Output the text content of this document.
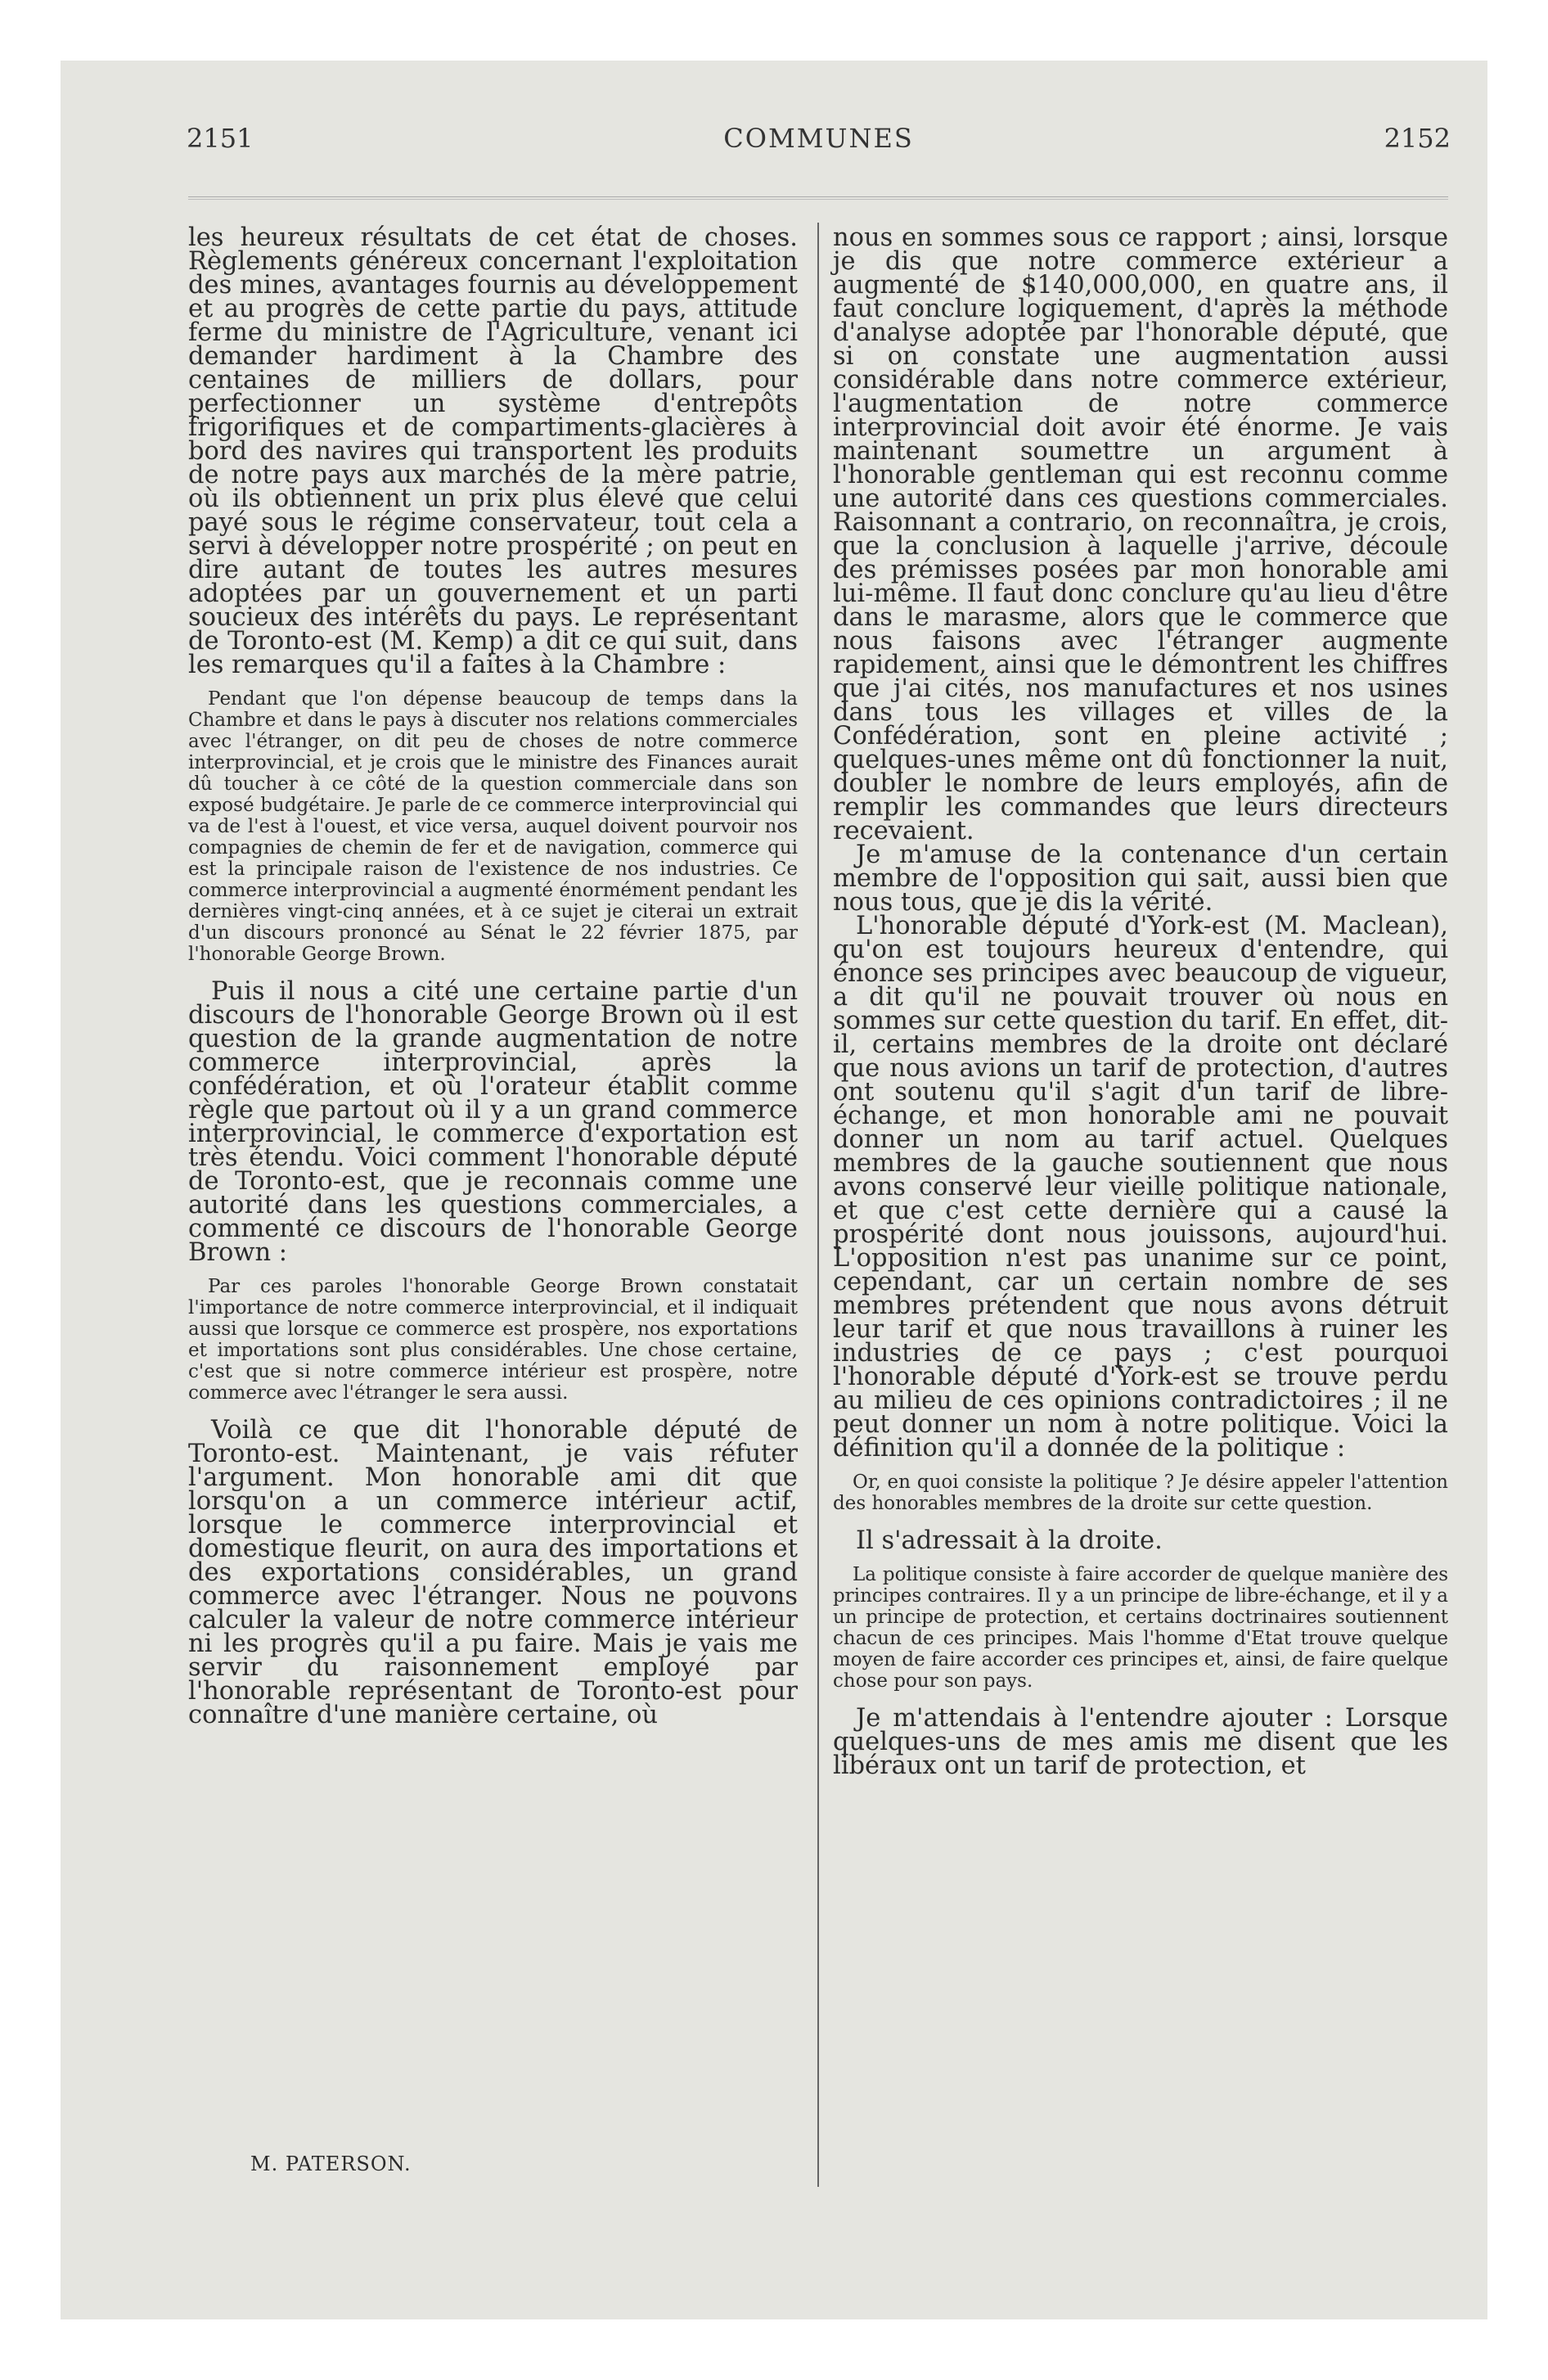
2151	COMMUNES	2152

les heureux résultats de cet état de choses. Règlements généreux concernant l'exploitation des mines, avantages fournis au développement et au progrès de cette partie du pays, attitude ferme du ministre de l'Agriculture, venant ici demander hardiment à la Chambre des centaines de milliers de dollars, pour perfectionner un système d'entrepôts frigorifiques et de compartiments-glacières à bord des navires qui transportent les produits de notre pays aux marchés de la mère patrie, où ils obtiennent un prix plus élevé que celui payé sous le régime conservateur, tout cela a servi à développer notre prospérité ; on peut en dire autant de toutes les autres mesures adoptées par un gouvernement et un parti soucieux des intérêts du pays. Le représentant de Toronto-est (M. Kemp) a dit ce qui suit, dans les remarques qu'il a faites à la Chambre :

Pendant que l'on dépense beaucoup de temps dans la Chambre et dans le pays à discuter nos relations commerciales avec l'étranger, on dit peu de choses de notre commerce interprovincial, et je crois que le ministre des Finances aurait dû toucher à ce côté de la question commerciale dans son exposé budgétaire. Je parle de ce commerce interprovincial qui va de l'est à l'ouest, et vice versa, auquel doivent pourvoir nos compagnies de chemin de fer et de navigation, commerce qui est la principale raison de l'existence de nos industries. Ce commerce interprovincial a augmenté énormément pendant les dernières vingt-cinq années, et à ce sujet je citerai un extrait d'un discours prononcé au Sénat le 22 février 1875, par l'honorable George Brown.

Puis il nous a cité une certaine partie d'un discours de l'honorable George Brown où il est question de la grande augmentation de notre commerce interprovincial, après la confédération, et où l'orateur établit comme règle que partout où il y a un grand commerce interprovincial, le commerce d'exportation est très étendu. Voici comment l'honorable député de Toronto-est, que je reconnais comme une autorité dans les questions commerciales, a commenté ce discours de l'honorable George Brown :

Par ces paroles l'honorable George Brown constatait l'importance de notre commerce interprovincial, et il indiquait aussi que lorsque ce commerce est prospère, nos exportations et importations sont plus considérables. Une chose certaine, c'est que si notre commerce intérieur est prospère, notre commerce avec l'étranger le sera aussi.

Voilà ce que dit l'honorable député de Toronto-est. Maintenant, je vais réfuter l'argument. Mon honorable ami dit que lorsqu'on a un commerce intérieur actif, lorsque le commerce interprovincial et domestique fleurit, on aura des importations et des exportations considérables, un grand commerce avec l'étranger. Nous ne pouvons calculer la valeur de notre commerce intérieur ni les progrès qu'il a pu faire. Mais je vais me servir du raisonnement employé par l'honorable représentant de Toronto-est pour connaître d'une manière certaine, où

nous en sommes sous ce rapport ; ainsi, lorsque je dis que notre commerce extérieur a augmenté de $140,000,000, en quatre ans, il faut conclure logiquement, d'après la méthode d'analyse adoptée par l'honorable député, que si on constate une augmentation aussi considérable dans notre commerce extérieur, l'augmentation de notre commerce interprovincial doit avoir été énorme. Je vais maintenant soumettre un argument à l'honorable gentleman qui est reconnu comme une autorité dans ces questions commerciales. Raisonnant a contrario, on reconnaîtra, je crois, que la conclusion à laquelle j'arrive, découle des prémisses posées par mon honorable ami lui-même. Il faut donc conclure qu'au lieu d'être dans le marasme, alors que le commerce que nous faisons avec l'étranger augmente rapidement, ainsi que le démontrent les chiffres que j'ai cités, nos manufactures et nos usines dans tous les villages et villes de la Confédération, sont en pleine activité ; quelques-unes même ont dû fonctionner la nuit, doubler le nombre de leurs employés, afin de remplir les commandes que leurs directeurs recevaient.

Je m'amuse de la contenance d'un certain membre de l'opposition qui sait, aussi bien que nous tous, que je dis la vérité.

L'honorable député d'York-est (M. Maclean), qu'on est toujours heureux d'entendre, qui énonce ses principes avec beaucoup de vigueur, a dit qu'il ne pouvait trouver où nous en sommes sur cette question du tarif. En effet, dit-il, certains membres de la droite ont déclaré que nous avions un tarif de protection, d'autres ont soutenu qu'il s'agit d'un tarif de libre-échange, et mon honorable ami ne pouvait donner un nom au tarif actuel. Quelques membres de la gauche soutiennent que nous avons conservé leur vieille politique nationale, et que c'est cette dernière qui a causé la prospérité dont nous jouissons, aujourd'hui. L'opposition n'est pas unanime sur ce point, cependant, car un certain nombre de ses membres prétendent que nous avons détruit leur tarif et que nous travaillons à ruiner les industries de ce pays ; c'est pourquoi l'honorable député d'York-est se trouve perdu au milieu de ces opinions contradictoires ; il ne peut donner un nom à notre politique. Voici la définition qu'il a donnée de la politique :

Or, en quoi consiste la politique ? Je désire appeler l'attention des honorables membres de la droite sur cette question.

Il s'adressait à la droite.

La politique consiste à faire accorder de quelque manière des principes contraires. Il y a un principe de libre-échange, et il y a un principe de protection, et certains doctrinaires soutiennent chacun de ces principes. Mais l'homme d'Etat trouve quelque moyen de faire accorder ces principes et, ainsi, de faire quelque chose pour son pays.

Je m'attendais à l'entendre ajouter : Lorsque quelques-uns de mes amis me disent que les libéraux ont un tarif de protection, et

M. PATERSON.
